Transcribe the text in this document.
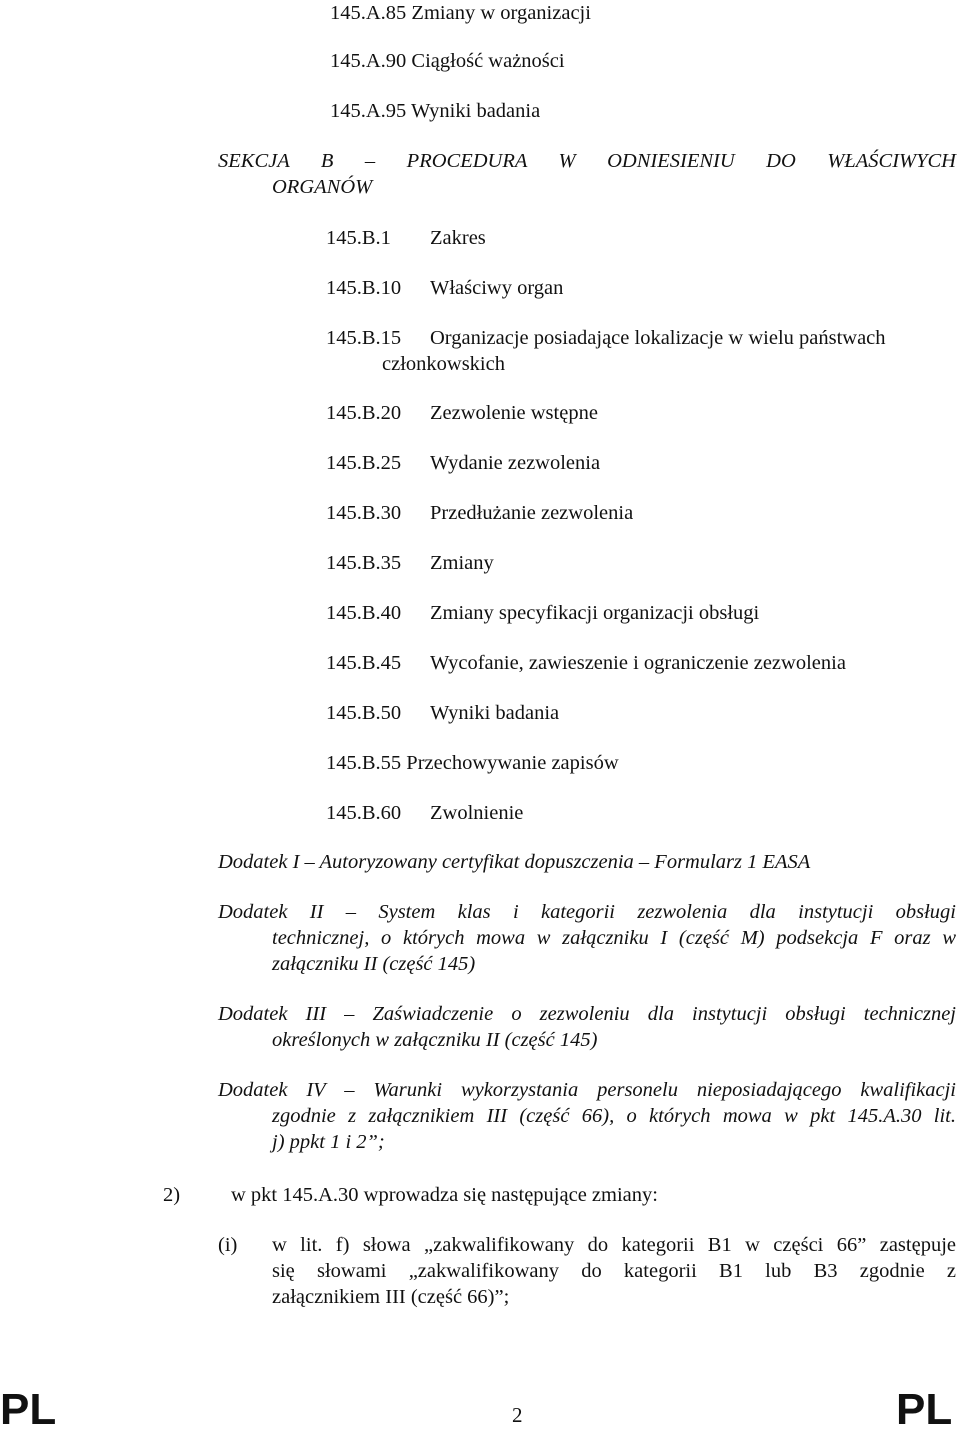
145.A.85 Zmiany w organizacji
145.A.90 Ciągłość ważności
145.A.95 Wyniki badania
SEKCJA B – PROCEDURA W ODNIESIENIU DO WŁAŚCIWYCH
ORGANÓW
145.B.1 Zakres
145.B.10 Właściwy organ
145.B.15 Organizacje posiadające lokalizacje w wielu państwach
członkowskich
145.B.20 Zezwolenie wstępne
145.B.25 Wydanie zezwolenia
145.B.30 Przedłużanie zezwolenia
145.B.35 Zmiany
145.B.40 Zmiany specyfikacji organizacji obsługi
145.B.45 Wycofanie, zawieszenie i ograniczenie zezwolenia
145.B.50 Wyniki badania
145.B.55 Przechowywanie zapisów
145.B.60 Zwolnienie
Dodatek I – Autoryzowany certyfikat dopuszczenia – Formularz 1 EASA
Dodatek II – System klas i kategorii zezwolenia dla instytucji obsługi
technicznej, o których mowa w załączniku I (część M) podsekcja F oraz w
załączniku II (część 145)
Dodatek III – Zaświadczenie o zezwoleniu dla instytucji obsługi technicznej
określonych w załączniku II (część 145)
Dodatek IV – Warunki wykorzystania personelu nieposiadającego kwalifikacji
zgodnie z załącznikiem III (część 66), o których mowa w pkt 145.A.30 lit.
j) ppkt 1 i 2”;
2) w pkt 145.A.30 wprowadza się następujące zmiany:
(i) w lit. f) słowa „zakwalifikowany do kategorii B1 w części 66” zastępuje
się słowami „zakwalifikowany do kategorii B1 lub B3 zgodnie z
załącznikiem III (część 66)”;
PL	2	PL
